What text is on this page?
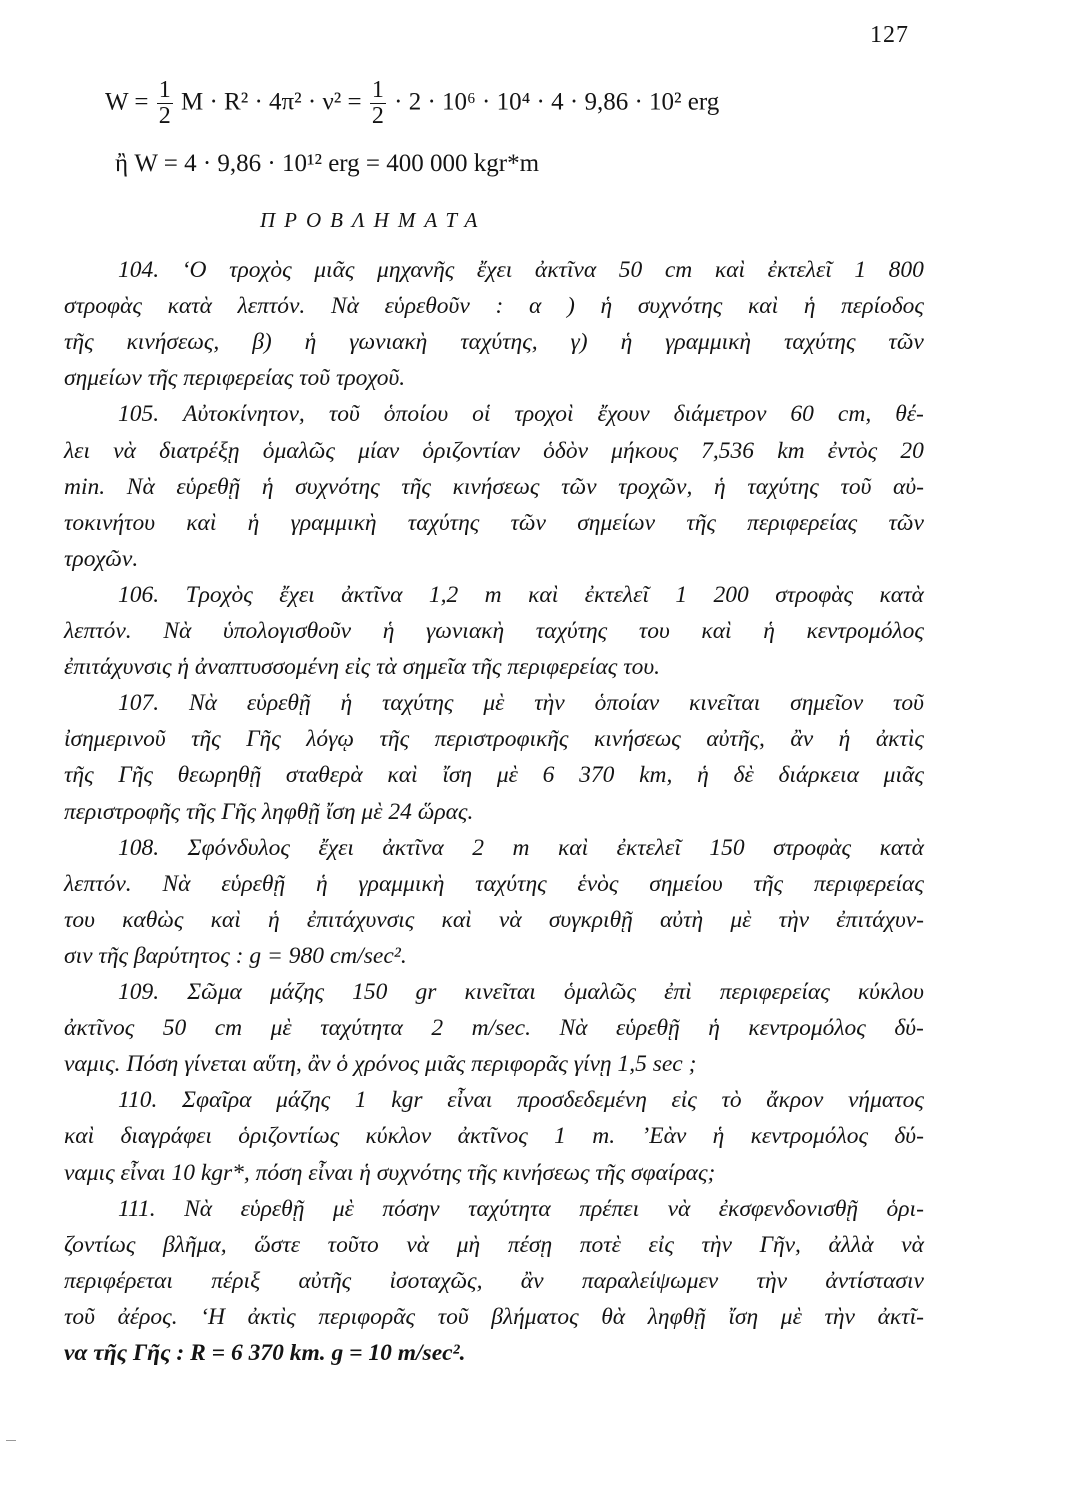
127
$W = \frac{1}{2}$ $M \cdot R^2 \cdot 4\pi^2 \cdot \nu^2 = \frac{1}{2} \cdot 2 \cdot 10^6 \cdot 10^4 \cdot 4 \cdot 9,86 \cdot 10^2$ erg
ἢ W = 4 · 9,86 · 10¹² erg = 400 000 kgr*m
ΠΡΟΒΛΗΜΑΤΑ
104. ‘Ο τροχὸς μιᾶς μηχανῆς ἔχει ἀκτῖνα 50 cm καὶ ἐκτελεῖ 1 800
στροφὰς κατὰ λεπτόν. Νὰ εὑρεθοῦν : α ) ἡ συχνότης καὶ ἡ περίοδος
τῆς κινήσεως, β) ἡ γωνιακὴ ταχύτης, γ) ἡ γραμμικὴ ταχύτης τῶν
σημείων τῆς περιφερείας τοῦ τροχοῦ.
105. Αὐτοκίνητον, τοῦ ὁποίου οἱ τροχοὶ ἔχουν διάμετρον 60 cm, θέ-
λει νὰ διατρέξῃ ὁμαλῶς μίαν ὁριζοντίαν ὁδὸν μήκους 7,536 km ἐντὸς 20
min. Νὰ εὑρεθῇ ἡ συχνότης τῆς κινήσεως τῶν τροχῶν, ἡ ταχύτης τοῦ αὐ-
τοκινήτου καὶ ἡ γραμμικὴ ταχύτης τῶν σημείων τῆς περιφερείας τῶν
τροχῶν.
106. Τροχὸς ἔχει ἀκτῖνα 1,2 m καὶ ἐκτελεῖ 1 200 στροφὰς κατὰ
λεπτόν. Νὰ ὑπολογισθοῦν ἡ γωνιακὴ ταχύτης του καὶ ἡ κεντρομόλος
ἐπιτάχυνσις ἡ ἀναπτυσσομένη εἰς τὰ σημεῖα τῆς περιφερείας του.
107. Νὰ εὑρεθῇ ἡ ταχύτης μὲ τὴν ὁποίαν κινεῖται σημεῖον τοῦ
ἰσημερινοῦ τῆς Γῆς λόγῳ τῆς περιστροφικῆς κινήσεως αὐτῆς, ἂν ἡ ἀκτὶς
τῆς Γῆς θεωρηθῇ σταθερὰ καὶ ἴση μὲ 6 370 km, ἡ δὲ διάρκεια μιᾶς
περιστροφῆς τῆς Γῆς ληφθῇ ἴση μὲ 24 ὥρας.
108. Σφόνδυλος ἔχει ἀκτῖνα 2 m καὶ ἐκτελεῖ 150 στροφὰς κατὰ
λεπτόν. Νὰ εὑρεθῇ ἡ γραμμικὴ ταχύτης ἑνὸς σημείου τῆς περιφερείας
του καθὼς καὶ ἡ ἐπιτάχυνσις καὶ νὰ συγκριθῇ αὐτὴ μὲ τὴν ἐπιτάχυν-
σιν τῆς βαρύτητος : g = 980 cm/sec².
109. Σῶμα μάζης 150 gr κινεῖται ὁμαλῶς ἐπὶ περιφερείας κύκλου
ἀκτῖνος 50 cm μὲ ταχύτητα 2 m/sec. Νὰ εὑρεθῇ ἡ κεντρομόλος δύ-
ναμις. Πόση γίνεται αὕτη, ἂν ὁ χρόνος μιᾶς περιφορᾶς γίνῃ 1,5 sec ;
110. Σφαῖρα μάζης 1 kgr εἶναι προσδεδεμένη εἰς τὸ ἄκρον νήματος
καὶ διαγράφει ὁριζοντίως κύκλον ἀκτῖνος 1 m. ’Εὰν ἡ κεντρομόλος δύ-
ναμις εἶναι 10 kgr*, πόση εἶναι ἡ συχνότης τῆς κινήσεως τῆς σφαίρας;
111. Νὰ εὑρεθῇ μὲ πόσην ταχύτητα πρέπει νὰ ἐκσφενδονισθῇ ὁρι-
ζοντίως βλῆμα, ὥστε τοῦτο νὰ μὴ πέσῃ ποτὲ εἰς τὴν Γῆν, ἀλλὰ νὰ
περιφέρεται πέριξ αὐτῆς ἰσοταχῶς, ἂν παραλείψωμεν τὴν ἀντίστασιν
τοῦ ἀέρος. ‘Η ἀκτὶς περιφορᾶς τοῦ βλήματος θὰ ληφθῇ ἴση μὲ τὴν ἀκτῖ-
να τῆς Γῆς : R = 6 370 km. g = 10 m/sec².
